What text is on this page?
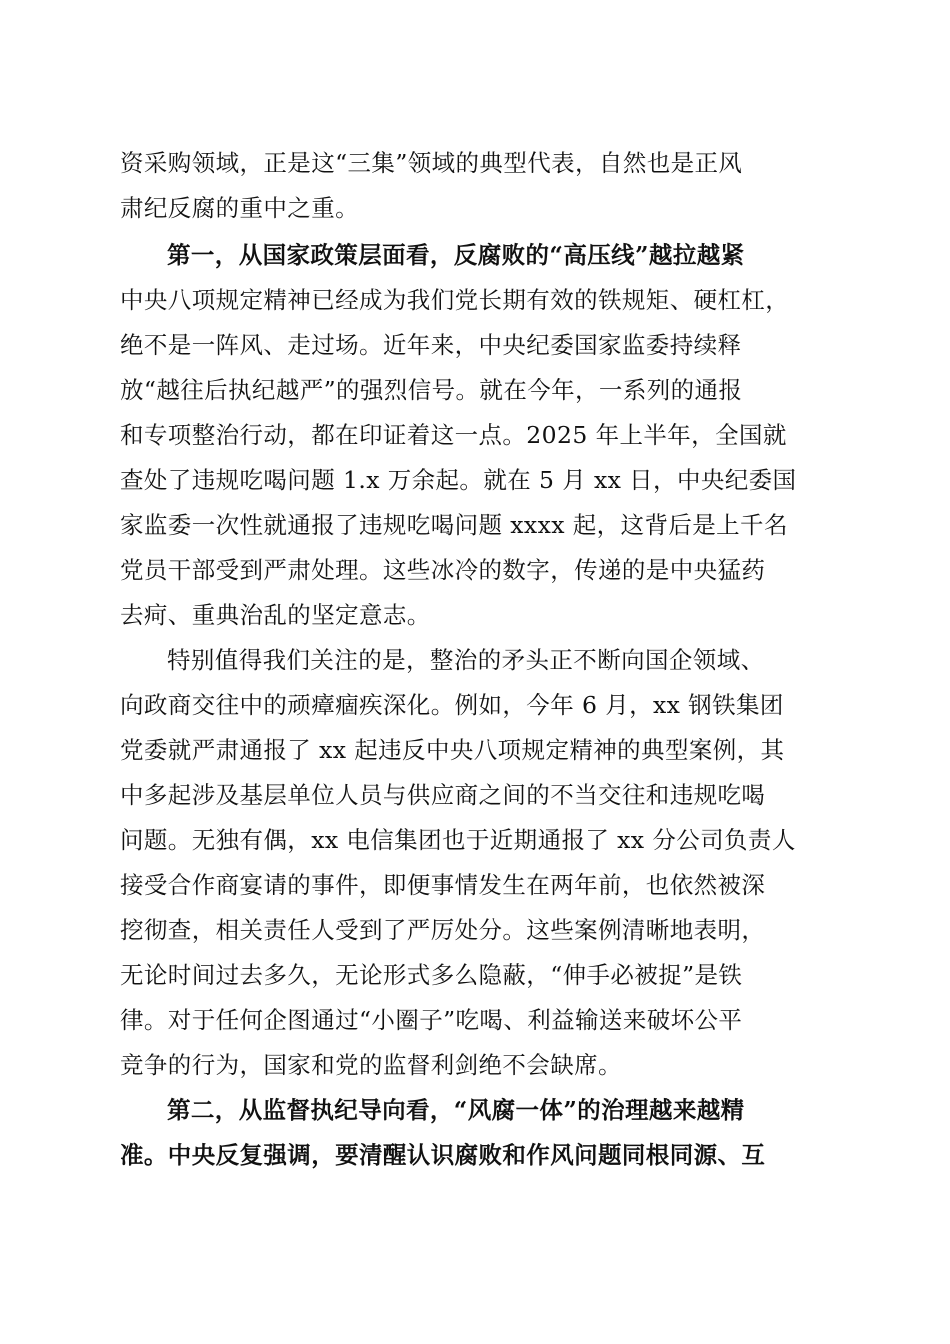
资采购领域，正是这“三集”领域的典型代表，自然也是正风
肃纪反腐的重中之重。
第一，从国家政策层面看，反腐败的“高压线”越拉越紧
中央八项规定精神已经成为我们党长期有效的铁规矩、硬杠杠，
绝不是一阵风、走过场。近年来，中央纪委国家监委持续释
放“越往后执纪越严”的强烈信号。就在今年，一系列的通报
和专项整治行动，都在印证着这一点。2025 年上半年，全国就
查处了违规吃喝问题 1.x 万余起。就在 5 月 xx 日，中央纪委国
家监委一次性就通报了违规吃喝问题 xxxx 起，这背后是上千名
党员干部受到严肃处理。这些冰冷的数字，传递的是中央猛药
去疴、重典治乱的坚定意志。
特别值得我们关注的是，整治的矛头正不断向国企领域、
向政商交往中的顽瘴痼疾深化。例如，今年 6 月，xx 钢铁集团
党委就严肃通报了 xx 起违反中央八项规定精神的典型案例，其
中多起涉及基层单位人员与供应商之间的不当交往和违规吃喝
问题。无独有偶，xx 电信集团也于近期通报了 xx 分公司负责人
接受合作商宴请的事件，即便事情发生在两年前，也依然被深
挖彻查，相关责任人受到了严厉处分。这些案例清晰地表明，
无论时间过去多久，无论形式多么隐蔽，“伸手必被捉”是铁
律。对于任何企图通过“小圈子”吃喝、利益输送来破坏公平
竞争的行为，国家和党的监督利剑绝不会缺席。
第二，从监督执纪导向看，“风腐一体”的治理越来越精
准。中央反复强调，要清醒认识腐败和作风问题同根同源、互
